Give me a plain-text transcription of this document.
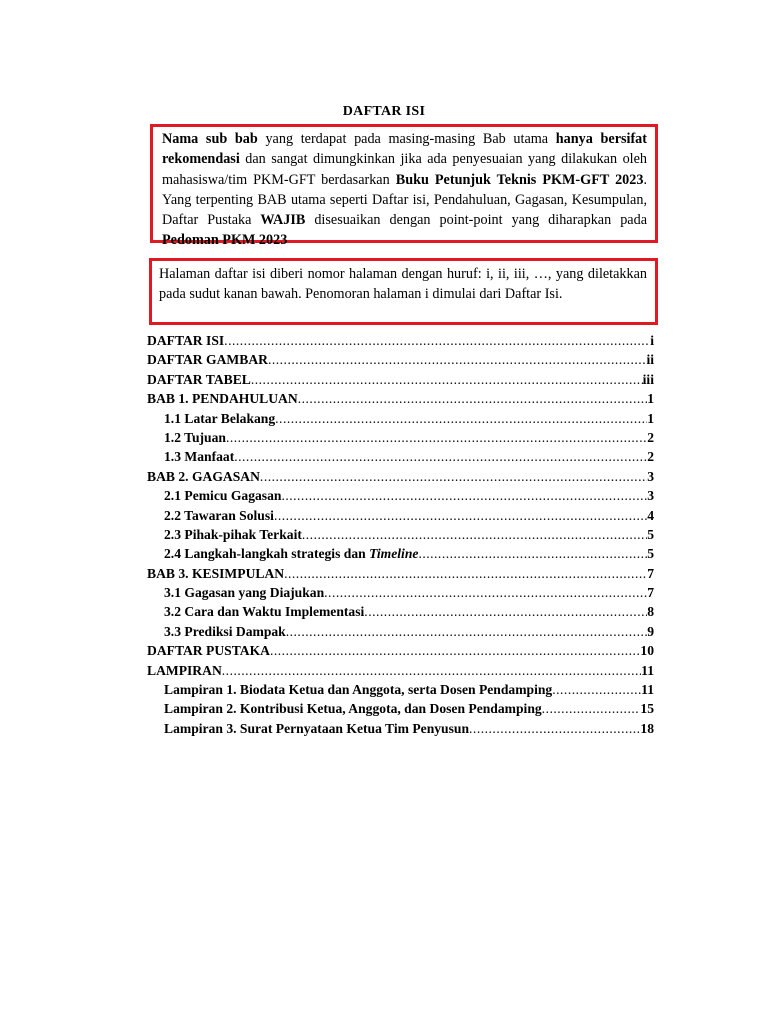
DAFTAR ISI
Nama sub bab yang terdapat pada masing-masing Bab utama hanya bersifat rekomendasi dan sangat dimungkinkan jika ada penyesuaian yang dilakukan oleh mahasiswa/tim PKM-GFT berdasarkan Buku Petunjuk Teknis PKM-GFT 2023. Yang terpenting BAB utama seperti Daftar isi, Pendahuluan, Gagasan, Kesumpulan, Daftar Pustaka WAJIB disesuaikan dengan point-point yang diharapkan pada Pedoman PKM 2023
Halaman daftar isi diberi nomor halaman dengan huruf: i, ii, iii, …, yang diletakkan pada sudut kanan bawah. Penomoran halaman i dimulai dari Daftar Isi.
DAFTAR ISI .....	i
DAFTAR GAMBAR .....	ii
DAFTAR TABEL .....	iii
BAB 1. PENDAHULUAN .....	1
1.1 Latar Belakang .....	1
1.2 Tujuan .....	2
1.3 Manfaat .....	2
BAB 2. GAGASAN .....	3
2.1 Pemicu Gagasan .....	3
2.2 Tawaran Solusi .....	4
2.3 Pihak-pihak Terkait .....	5
2.4 Langkah-langkah strategis dan Timeline .....	5
BAB 3. KESIMPULAN .....	7
3.1 Gagasan yang Diajukan .....	7
3.2 Cara dan Waktu Implementasi .....	8
3.3 Prediksi Dampak .....	9
DAFTAR PUSTAKA .....	10
LAMPIRAN .....	11
Lampiran 1. Biodata Ketua dan Anggota, serta Dosen Pendamping .....	11
Lampiran 2. Kontribusi Ketua, Anggota, dan Dosen Pendamping .....	15
Lampiran 3. Surat Pernyataan Ketua Tim Penyusun .....	18
